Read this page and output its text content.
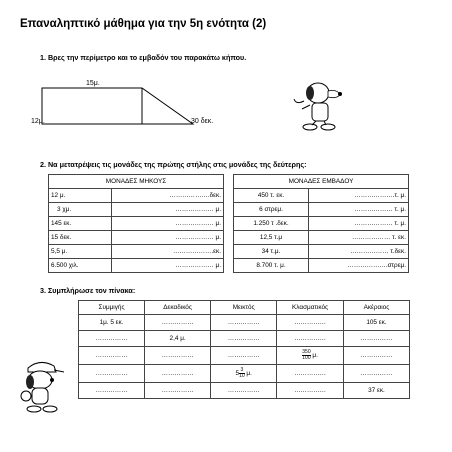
Επαναληπτικό μάθημα για την 5η ενότητα (2)
1. Βρες την περίμετρο και το εμβαδόν του παρακάτω κήπου.
15μ.
12μ.	30 δεκ.
2. Να μετατρέψεις τις μονάδες της πρώτης στήλης στις μονάδες της δεύτερης:
ΜΟΝΑΔΕΣ ΜΗΚΟΥΣ	
12 μ.	……………….δεκ.
3 χμ.	……………… μ.
145 εκ.	……………… μ.
15 δεκ.	……………… μ.
5,5 μ.	……………….εκ.
6.500 χιλ.	……………… μ.
ΜΟΝΑΔΕΣ ΕΜΒΑΔΟΥ	
450 τ. εκ.	……………….τ. μ.
6 στρεμ.	……………… τ. μ.
1.250 τ .δεκ.	……………… τ. μ.
12,5 τ.μ	……………… τ. εκ.
34 τ.μ.	……………… τ.δεκ.
8.700 τ. μ.	……………….στρεμ.
3. Συμπλήρωσε τον πίνακα:
Συμμιγής	Δεκαδικός	Μεικτός	Κλασματικός	Ακέραιος
1μ. 5 εκ.	……………	……………	……………	105 εκ.
……………	2,4 μ.	……………	……………	……………
……………	……………	……………	$\frac{350}{100} \mu$.	……………
……………	……………	$5 \frac{3}{10} \mu$.	……………	……………
……………	……………	……………	……………	37 εκ.
